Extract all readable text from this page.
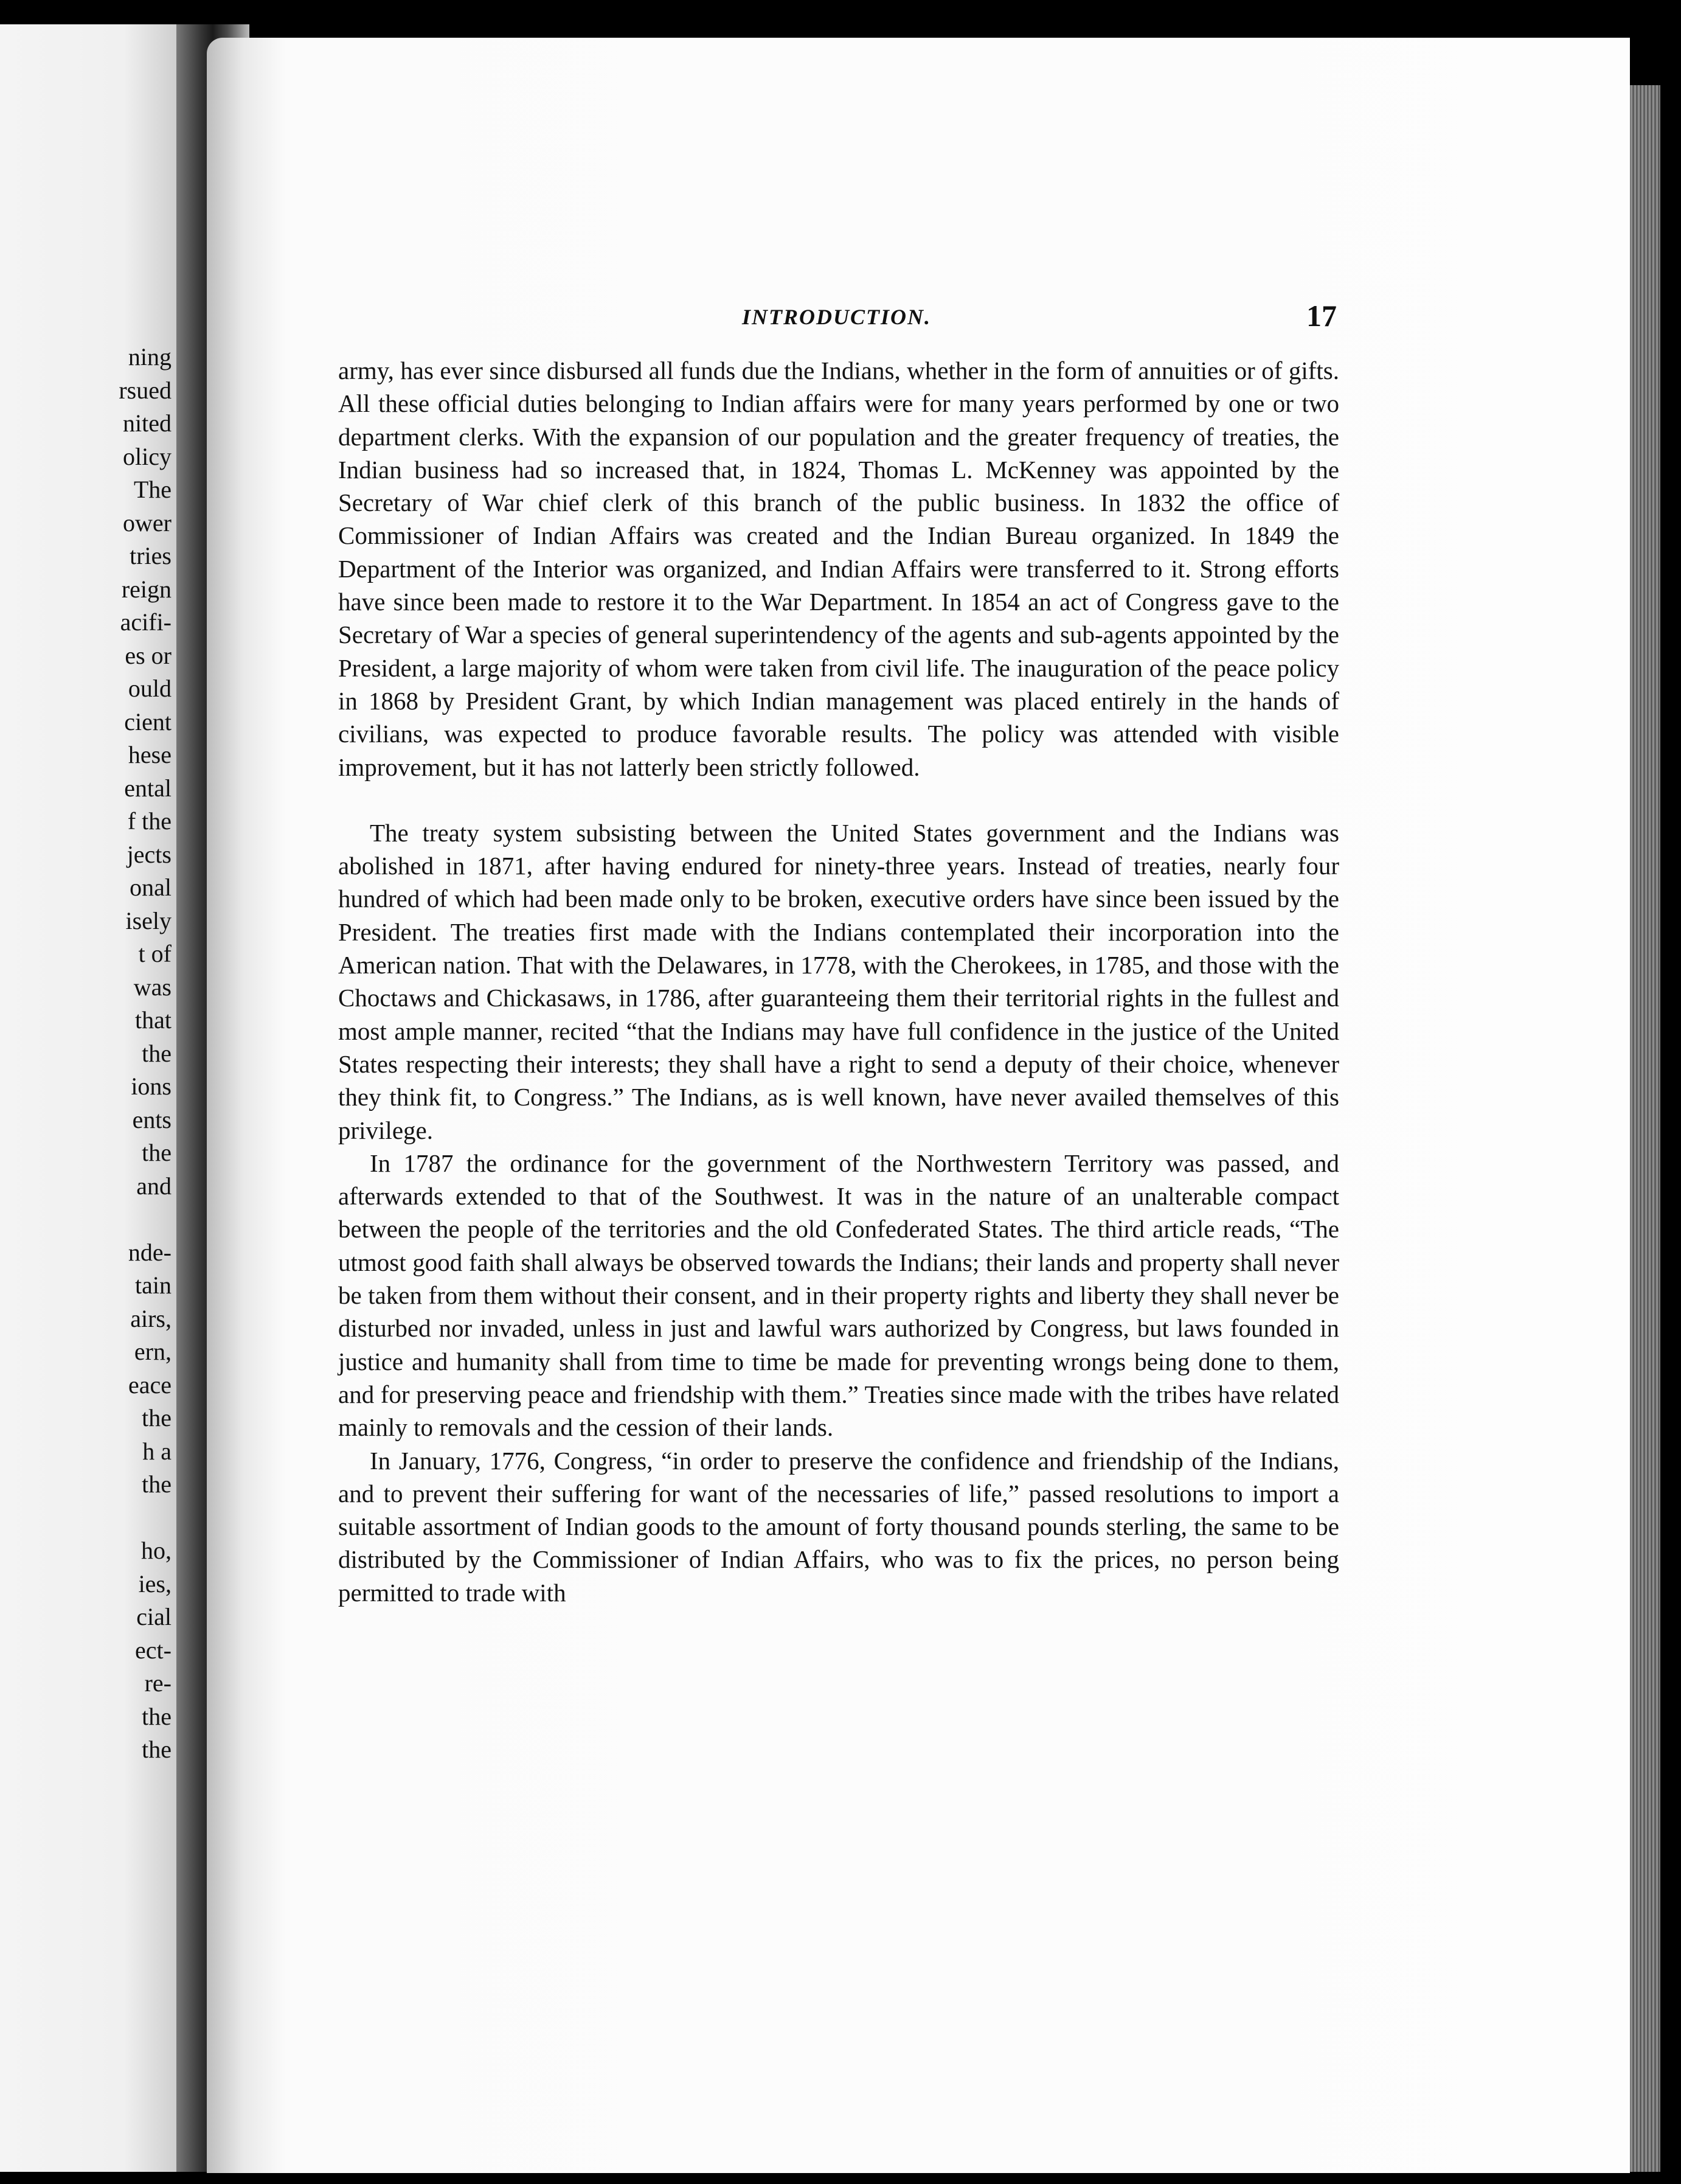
ning
rsued
nited
olicy
The
ower
tries
reign
acifi-
es or
ould
cient
hese
ental
f the
jects
onal
isely
t of
was
that
the
ions
ents
the
and
nde-
tain
airs,
ern,
eace
the
h a
the
ho,
ies,
cial
ect-
re-
the
the
INTRODUCTION.	17

army, has ever since disbursed all funds due the Indians, whether in the form of annuities or of gifts. All these official duties belonging to Indian affairs were for many years performed by one or two department clerks. With the expansion of our population and the greater frequency of treaties, the Indian business had so increased that, in 1824, Thomas L. McKenney was appointed by the Secretary of War chief clerk of this branch of the public business. In 1832 the office of Commissioner of Indian Affairs was created and the Indian Bureau organized. In 1849 the Department of the Interior was organized, and Indian Affairs were transferred to it. Strong efforts have since been made to restore it to the War Department. In 1854 an act of Congress gave to the Secretary of War a species of general superintendency of the agents and sub-agents appointed by the President, a large majority of whom were taken from civil life. The inauguration of the peace policy in 1868 by President Grant, by which Indian management was placed entirely in the hands of civilians, was expected to produce favorable results. The policy was attended with visible improvement, but it has not latterly been strictly followed.

The treaty system subsisting between the United States government and the Indians was abolished in 1871, after having endured for ninety-three years. Instead of treaties, nearly four hundred of which had been made only to be broken, executive orders have since been issued by the President. The treaties first made with the Indians contemplated their incorporation into the American nation. That with the Delawares, in 1778, with the Cherokees, in 1785, and those with the Choctaws and Chickasaws, in 1786, after guaranteeing them their territorial rights in the fullest and most ample manner, recited “that the Indians may have full confidence in the justice of the United States respecting their interests; they shall have a right to send a deputy of their choice, whenever they think fit, to Congress.” The Indians, as is well known, have never availed themselves of this privilege.

In 1787 the ordinance for the government of the Northwestern Territory was passed, and afterwards extended to that of the Southwest. It was in the nature of an unalterable compact between the people of the territories and the old Confederated States. The third article reads, “The utmost good faith shall always be observed towards the Indians; their lands and property shall never be taken from them without their consent, and in their property rights and liberty they shall never be disturbed nor invaded, unless in just and lawful wars authorized by Congress, but laws founded in justice and humanity shall from time to time be made for preventing wrongs being done to them, and for preserving peace and friendship with them.” Treaties since made with the tribes have related mainly to removals and the cession of their lands.

In January, 1776, Congress, “in order to preserve the confidence and friendship of the Indians, and to prevent their suffering for want of the necessaries of life,” passed resolutions to import a suitable assortment of Indian goods to the amount of forty thousand pounds sterling, the same to be distributed by the Commissioner of Indian Affairs, who was to fix the prices, no person being permitted to trade with
